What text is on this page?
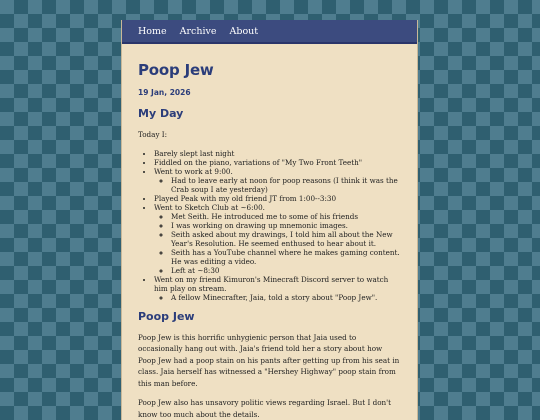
Home Archive About
Poop Jew
19 Jan, 2026
My Day

Today I:

• Barely slept last night
• Fiddled on the piano, variations of "My Two Front Teeth"
• Went to work at 9:00.
◦ Had to leave early at noon for poop reasons (I think it was the Crab soup I ate yesterday)
• Played Peak with my old friend JT from 1:00--3:30
• Went to Sketch Club at ~6:00.
◦ Met Seith. He introduced me to some of his friends
◦ I was working on drawing up mnemonic images.
◦ Seith asked about my drawings, I told him all about the New Year's Resolution. He seemed enthused to hear about it.
◦ Seith has a YouTube channel where he makes gaming content. He was editing a video.
◦ Left at ~8:30
• Went on my friend Kimuron's Minecraft Discord server to watch him play on stream.
◦ A fellow Minecrafter, Jaia, told a story about "Poop Jew".
Poop Jew

Poop Jew is this horrific unhygienic person that Jaia used to occasionally hang out with. Jaia's friend told her a story about how Poop Jew had a poop stain on his pants after getting up from his seat in class. Jaia herself has witnessed a "Hershey Highway" poop stain from this man before.

Poop Jew also has unsavory politic views regarding Israel. But I don't know too much about the details.
